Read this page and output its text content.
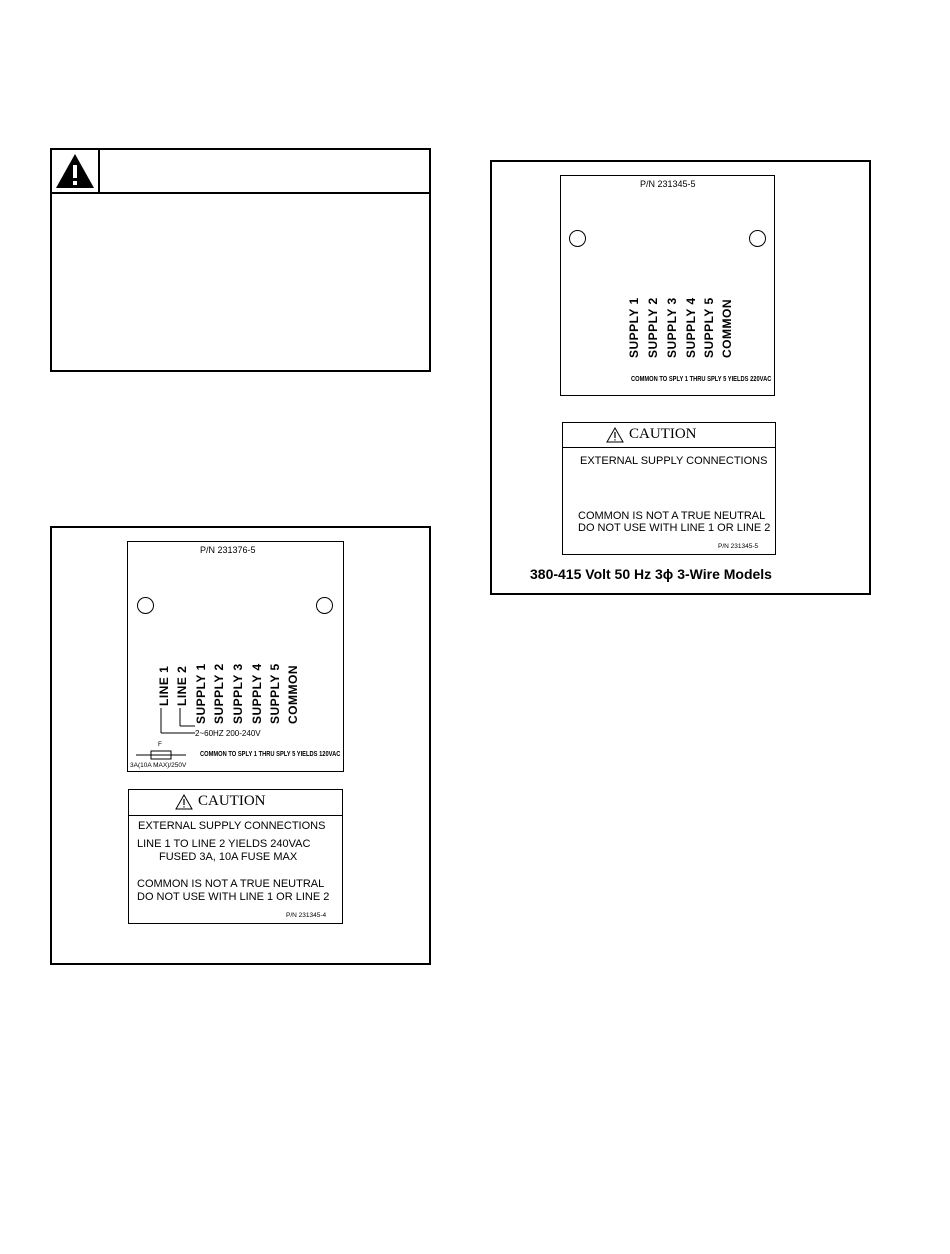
P/N 231376-5
LINE 1 LINE 2 SUPPLY 1 SUPPLY 2 SUPPLY 3 SUPPLY 4 SUPPLY 5 COMMON
2~60HZ 200-240V
F
3A(10A MAX)/250V
COMMON TO SPLY 1 THRU SPLY 5 YIELDS 120VAC
CAUTION
EXTERNAL SUPPLY CONNECTIONS
LINE 1 TO LINE 2 YIELDS 240VAC
FUSED 3A, 10A FUSE MAX
COMMON IS NOT A TRUE NEUTRAL
DO NOT USE WITH LINE 1 OR LINE 2
P/N 231345-4
P/N 231345-5
SUPPLY 1 SUPPLY 2 SUPPLY 3 SUPPLY 4 SUPPLY 5 COMMON
COMMON TO SPLY 1 THRU SPLY 5 YIELDS 220VAC
CAUTION
EXTERNAL SUPPLY CONNECTIONS
COMMON IS NOT A TRUE NEUTRAL
DO NOT USE WITH LINE 1 OR LINE 2
P/N 231345-5
380-415 Volt 50 Hz 3ϕ 3-Wire Models
